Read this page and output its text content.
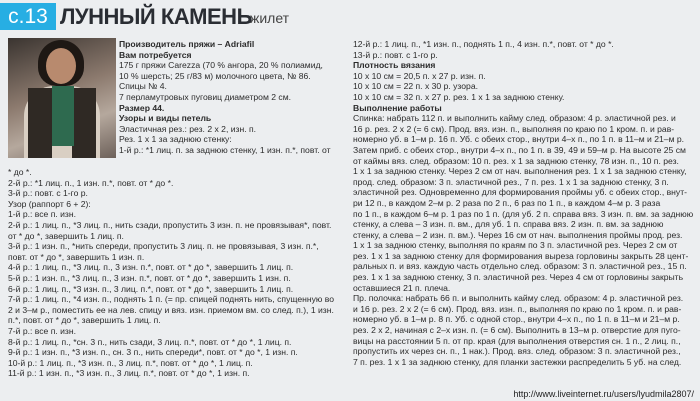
с.13 ЛУННЫЙ КАМЕНЬ
жилет
Производитель пряжи – Adriafil
Вам потребуется
175 г пряжи Carezza (70 % ангора, 20 % полиамид,
10 % шерсть; 25 г/83 м) молочного цвета, № 86.
Спицы № 4.
7 перламутровых пуговиц диаметром 2 см.
Размер 44.
Узоры и виды петель
Эластичная рез.: рез. 2 х 2, изн. п.
Рез. 1 х 1 за заднюю стенку:
1-й р.: *1 лиц. п. за заднюю стенку, 1 изн. п.*, повт. от
* до *.
2-й р.: *1 лиц. п., 1 изн. п.*, повт. от * до *.
3-й р.: повт. с 1-го р.
Узор (раппорт 6 + 2):
1-й р.: все п. изн.
2-й р.: 1 лиц. п., *3 лиц. п., нить сзади, пропустить 3 изн. п. не провязывая*, повт.
от * до *, завершить 1 лиц. п.
3-й р.: 1 изн. п., *нить спереди, пропустить 3 лиц. п. не провязывая, 3 изн. п.*,
повт. от * до *, завершить 1 изн. п.
4-й р.: 1 лиц. п., *3 лиц. п., 3 изн. п.*, повт. от * до *, завершить 1 лиц. п.
5-й р.: 1 изн. п., *3 лиц. п., 3 изн. п.*, повт. от * до *, завершить 1 изн. п.
6-й р.: 1 лиц. п., *3 изн. п., 3 лиц. п.*, повт. от * до *, завершить 1 лиц. п.
7-й р.: 1 лиц. п., *4 изн. п., поднять 1 п. (= пр. спицей поднять нить, спущенную во
2 и 3–м р., поместить ее на лев. спицу и вяз. изн. приемом вм. со след. п.), 1 изн.
п.*, повт. от * до *, завершить 1 лиц. п.
7-й р.: все п. изн.
8-й р.: 1 лиц. п., *сн. 3 п., нить сзади, 3 лиц. п.*, повт. от * до *, 1 лиц. п.
9-й р.: 1 изн. п., *3 изн. п., сн. 3 п., нить спереди*, повт. от * до *, 1 изн. п.
10-й р.: 1 лиц. п., *3 изн. п., 3 лиц. п.*, повт. от * до *, 1 лиц. п.
11-й р.: 1 изн. п., *3 изн. п., 3 лиц. п.*, повт. от * до *, 1 изн. п.
12-й р.: 1 лиц. п., *1 изн. п., поднять 1 п., 4 изн. п.*, повт. от * до *.
13-й р.: повт. с 1-го р.
Плотность вязания
10 х 10 см = 20,5 п. х 27 р. изн. п.
10 х 10 см = 22 п. х 30 р. узора.
10 х 10 см = 32 п. х 27 р. рез. 1 х 1 за заднюю стенку.
Выполнение работы
Спинка: набрать 112 п. и выполнить кайму след. образом: 4 р. эластичной рез. и
16 р. рез. 2 х 2 (= 6 см). Прод. вяз. изн. п., выполняя по краю по 1 кром. п. и рав-
номерно уб. в 1–м р. 16 п. Уб. с обеих стор., внутри 4–х п., по 1 п. в 11–м и 21–м р.
Затем приб. с обеих стор., внутри 4–х п., по 1 п. в 39, 49 и 59–м р. На высоте 25 см
от каймы вяз. след. образом: 10 п. рез. х 1 за заднюю стенку, 78 изн. п., 10 п. рез.
1 х 1 за заднюю стенку. Через 2 см от нач. выполнения рез. 1 х 1 за заднюю стенку,
прод. след. образом: 3 п. эластичной рез., 7 п. рез. 1 х 1 за заднюю стенку, 3 п.
эластичной рез. Одновременно для формирования проймы уб. с обеих стор., внут-
ри 12 п., в каждом 2–м р. 2 раза по 2 п., 6 раз по 1 п., в каждом 4–м р. 3 раза
по 1 п., в каждом 6–м р. 1 раз по 1 п. (для уб. 2 п. справа вяз. 3 изн. п. вм. за заднюю
стенку, а слева – 3 изн. п. вм., для уб. 1 п. справа вяз. 2 изн. п. вм. за заднюю
стенку, а слева – 2 изн. п. вм.). Через 16 см от нач. выполнения проймы прод. рез.
1 х 1 за заднюю стенку, выполняя по краям по 3 п. эластичной рез. Через 2 см от
рез. 1 х 1 за заднюю стенку для формирования выреза горловины закрыть 28 цент-
ральных п. и вяз. каждую часть отдельно след. образом: 3 п. эластичной рез., 15 п.
рез. 1 х 1 за заднюю стенку, 3 п. эластичной рез. Через 4 см от горловины закрыть
оставшиеся 21 п. плечa.
Пр. полочка: набрать 66 п. и выполнить кайму след. образом: 4 р. эластичной рез.
и 16 р. рез. 2 х 2 (= 6 см). Прод. вяз. изн. п., выполняя по краю по 1 кром. п. и рав-
номерно уб. в 1–м р. 8 п. Уб. с одной стор., внутри 4–х п., по 1 п. в 11–м и 21–м р.
рез. 2 х 2, начиная с 2–х изн. п. (= 6 см). Выполнить в 13–м р. отверстие для пуго-
вицы на расстоянии 5 п. от пр. края (для выполнения отверстия сн. 1 п., 2 лиц. п.,
пропустить их через сн. п., 1 нак.). Прод. вяз. след. образом: 3 п. эластичной рез.,
7 п. рез. 1 х 1 за заднюю стенку, для планки застежки распределить 5 уб. на след.
http://www.liveinternet.ru/users/lyudmila2807/
